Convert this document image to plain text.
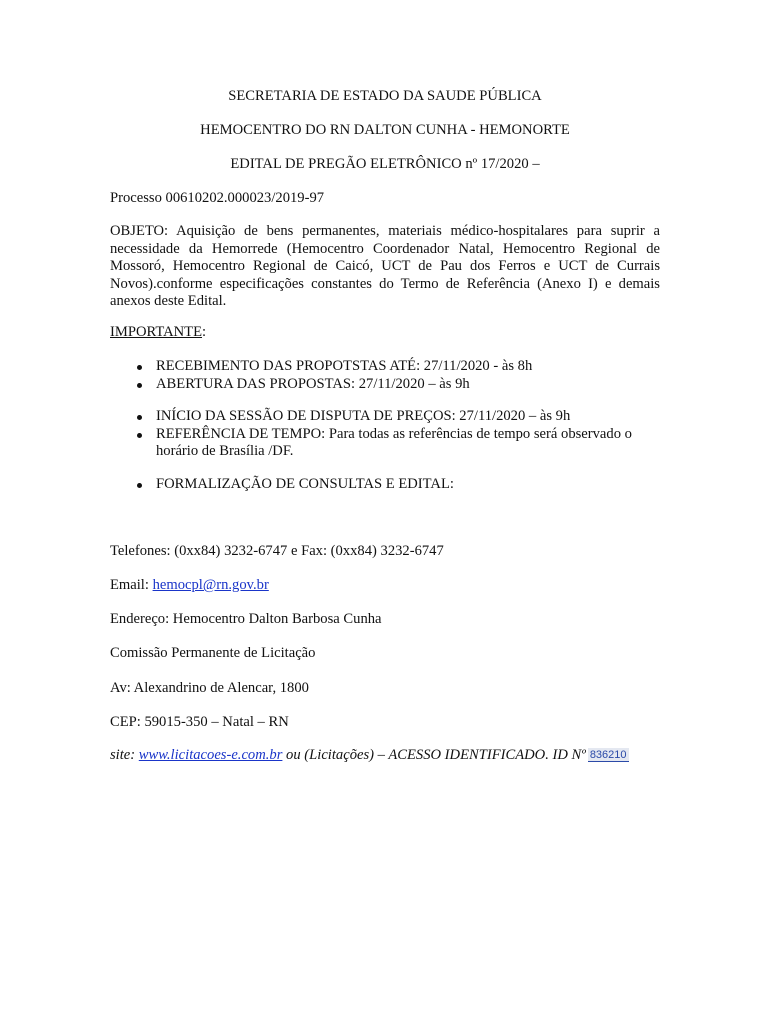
SECRETARIA DE ESTADO DA SAUDE PÚBLICA
HEMOCENTRO DO RN DALTON CUNHA - HEMONORTE
EDITAL DE PREGÃO ELETRÔNICO nº 17/2020 –
Processo 00610202.000023/2019-97
OBJETO: Aquisição de bens permanentes, materiais médico-hospitalares para suprir a necessidade da Hemorrede (Hemocentro Coordenador Natal, Hemocentro Regional de Mossoró, Hemocentro Regional de Caicó, UCT de Pau dos Ferros e UCT de Currais Novos).conforme especificações constantes do Termo de Referência (Anexo I) e demais anexos deste Edital.
IMPORTANTE:
RECEBIMENTO DAS PROPOTSTAS ATÉ: 27/11/2020 - às 8h
ABERTURA DAS PROPOSTAS: 27/11/2020 – às 9h
INÍCIO DA SESSÃO DE DISPUTA DE PREÇOS: 27/11/2020 – às 9h
REFERÊNCIA DE TEMPO: Para todas as referências de tempo será observado o horário de Brasília /DF.
FORMALIZAÇÃO DE CONSULTAS E EDITAL:
Telefones: (0xx84) 3232-6747 e Fax: (0xx84) 3232-6747
Email: hemocpl@rn.gov.br
Endereço: Hemocentro Dalton Barbosa Cunha
Comissão Permanente de Licitação
Av: Alexandrino de Alencar, 1800
CEP: 59015-350 – Natal – RN
site: www.licitacoes-e.com.br ou (Licitações) – ACESSO IDENTIFICADO. ID Nº 836210
